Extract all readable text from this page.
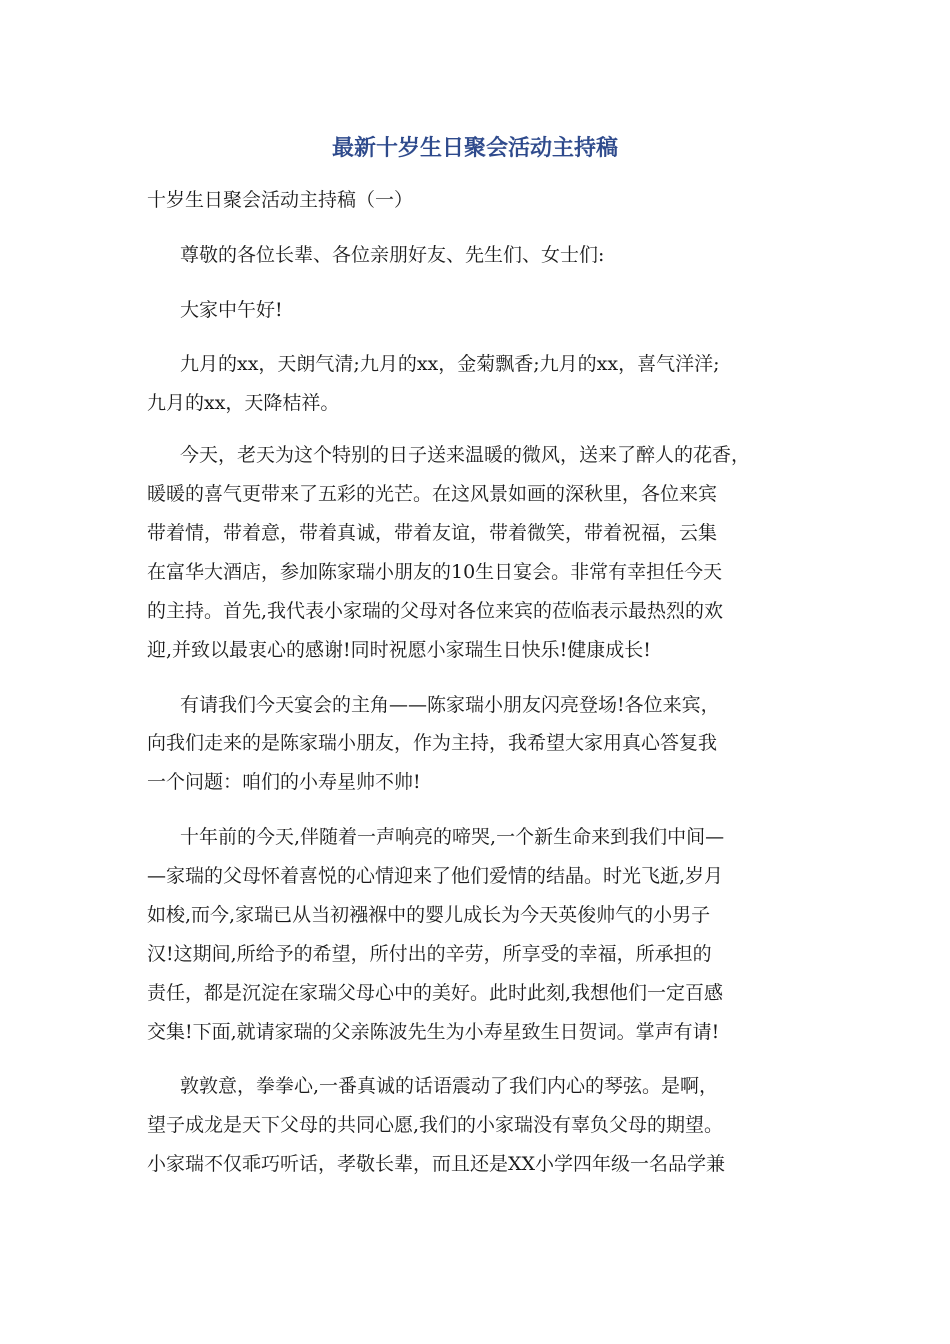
最新十岁生日聚会活动主持稿
十岁生日聚会活动主持稿（一）
尊敬的各位长辈、各位亲朋好友、先生们、女士们:
大家中午好!
九月的xx，天朗气清;九月的xx，金菊飘香;九月的xx，喜气洋洋;
九月的xx，天降桔祥。
今天，老天为这个特别的日子送来温暖的微风，送来了醉人的花香，
暖暖的喜气更带来了五彩的光芒。在这风景如画的深秋里，各位来宾
带着情，带着意，带着真诚，带着友谊，带着微笑，带着祝福，云集
在富华大酒店，参加陈家瑞小朋友的10生日宴会。非常有幸担任今天
的主持。首先,我代表小家瑞的父母对各位来宾的莅临表示最热烈的欢
迎,并致以最衷心的感谢!同时祝愿小家瑞生日快乐!健康成长!
有请我们今天宴会的主角——陈家瑞小朋友闪亮登场!各位来宾，
向我们走来的是陈家瑞小朋友，作为主持，我希望大家用真心答复我
一个问题：咱们的小寿星帅不帅!
十年前的今天,伴随着一声响亮的啼哭,一个新生命来到我们中间—
—家瑞的父母怀着喜悦的心情迎来了他们爱情的结晶。时光飞逝,岁月
如梭,而今,家瑞已从当初襁褓中的婴儿成长为今天英俊帅气的小男子
汉!这期间,所给予的希望，所付出的辛劳，所享受的幸福，所承担的
责任，都是沉淀在家瑞父母心中的美好。此时此刻,我想他们一定百感
交集!下面,就请家瑞的父亲陈波先生为小寿星致生日贺词。掌声有请!
敦敦意，拳拳心,一番真诚的话语震动了我们内心的琴弦。是啊，
望子成龙是天下父母的共同心愿,我们的小家瑞没有辜负父母的期望。
小家瑞不仅乖巧听话，孝敬长辈，而且还是XX小学四年级一名品学兼
